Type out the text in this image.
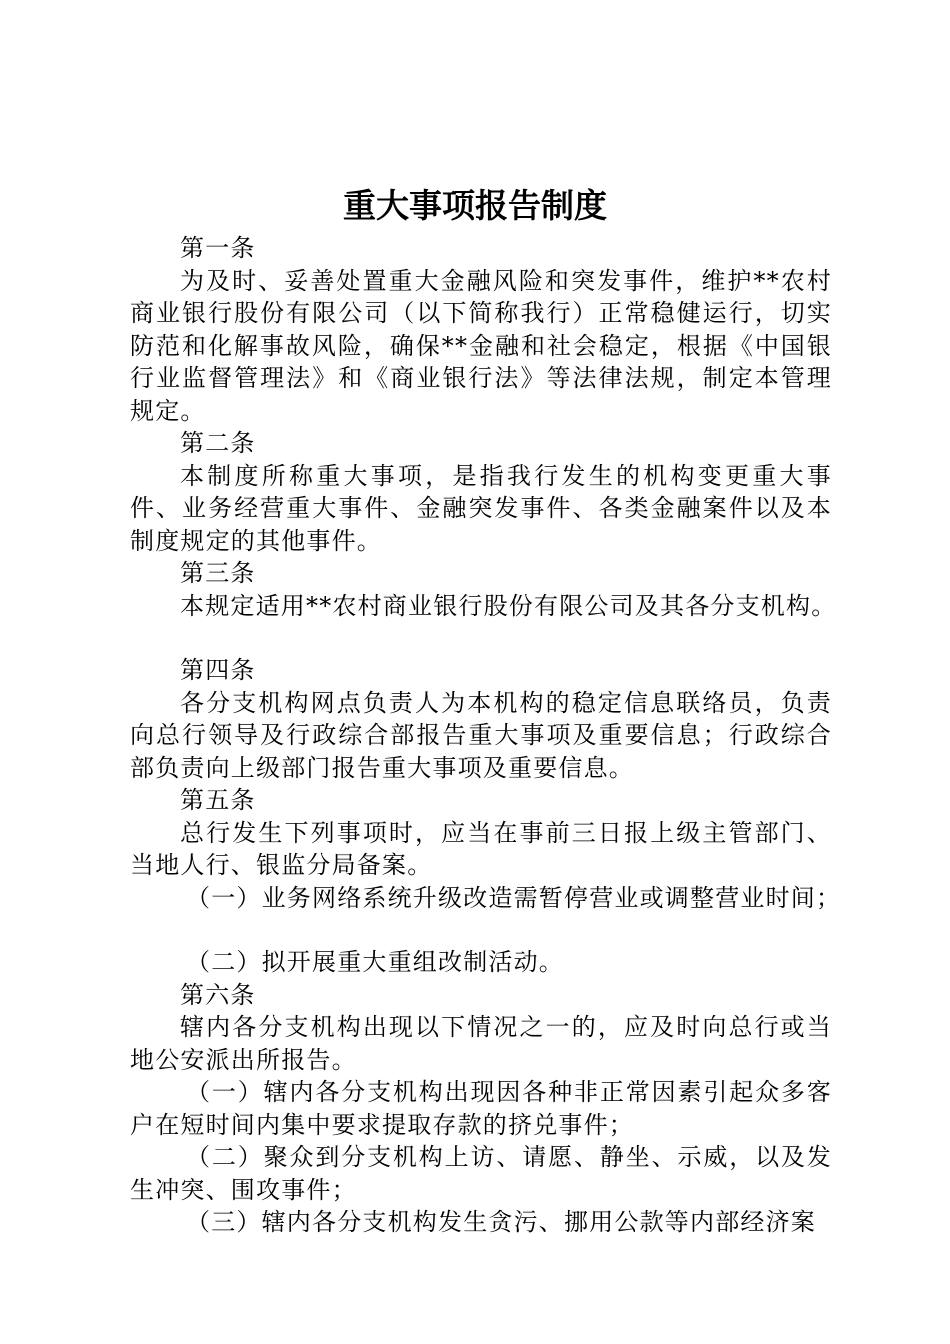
重大事项报告制度

第一条

为及时、妥善处置重大金融风险和突发事件，维护**农村商业银行股份有限公司（以下简称我行）正常稳健运行，切实防范和化解事故风险，确保**金融和社会稳定，根据《中国银行业监督管理法》和《商业银行法》等法律法规，制定本管理规定。

第二条

本制度所称重大事项，是指我行发生的机构变更重大事件、业务经营重大事件、金融突发事件、各类金融案件以及本制度规定的其他事件。

第三条

本规定适用**农村商业银行股份有限公司及其各分支机构。

第四条

各分支机构网点负责人为本机构的稳定信息联络员，负责向总行领导及行政综合部报告重大事项及重要信息；行政综合部负责向上级部门报告重大事项及重要信息。

第五条

总行发生下列事项时，应当在事前三日报上级主管部门、当地人行、银监分局备案。

（一）业务网络系统升级改造需暂停营业或调整营业时间；

（二）拟开展重大重组改制活动。

第六条

辖内各分支机构出现以下情况之一的，应及时向总行或当地公安派出所报告。

（一）辖内各分支机构出现因各种非正常因素引起众多客户在短时间内集中要求提取存款的挤兑事件；

（二）聚众到分支机构上访、请愿、静坐、示威，以及发生冲突、围攻事件；

（三）辖内各分支机构发生贪污、挪用公款等内部经济案
